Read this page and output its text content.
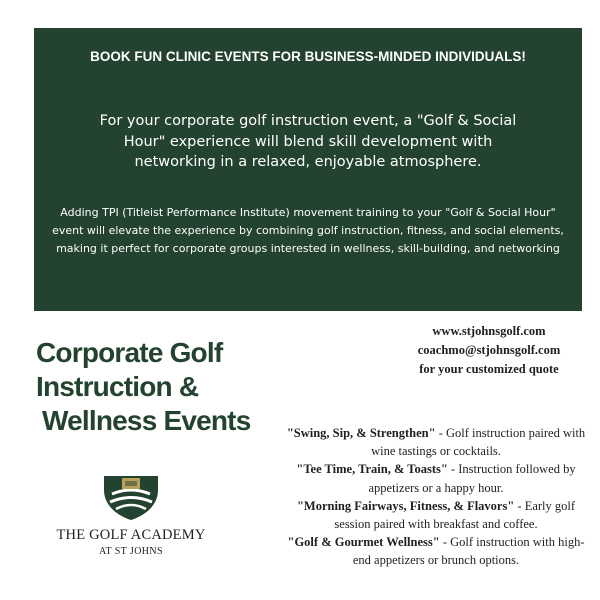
BOOK FUN CLINIC EVENTS FOR BUSINESS-MINDED INDIVIDUALS!
For your corporate golf instruction event, a "Golf & Social Hour" experience will blend skill development with networking in a relaxed, enjoyable atmosphere.
Adding TPI (Titleist Performance Institute) movement training to your "Golf & Social Hour" event will elevate the experience by combining golf instruction, fitness, and social elements, making it perfect for corporate groups interested in wellness, skill-building, and networking
Corporate Golf
Instruction &
Wellness Events
www.stjohnsgolf.com
coachmo@stjohnsgolf.com
for your customized quote
"Swing, Sip, & Strengthen" - Golf instruction paired with wine tastings or cocktails.
"Tee Time, Train, & Toasts" - Instruction followed by appetizers or a happy hour.
"Morning Fairways, Fitness, & Flavors" - Early golf session paired with breakfast and coffee.
"Golf & Gourmet Wellness" - Golf instruction with high-end appetizers or brunch options.
THE GOLF ACADEMY
AT ST JOHNS
